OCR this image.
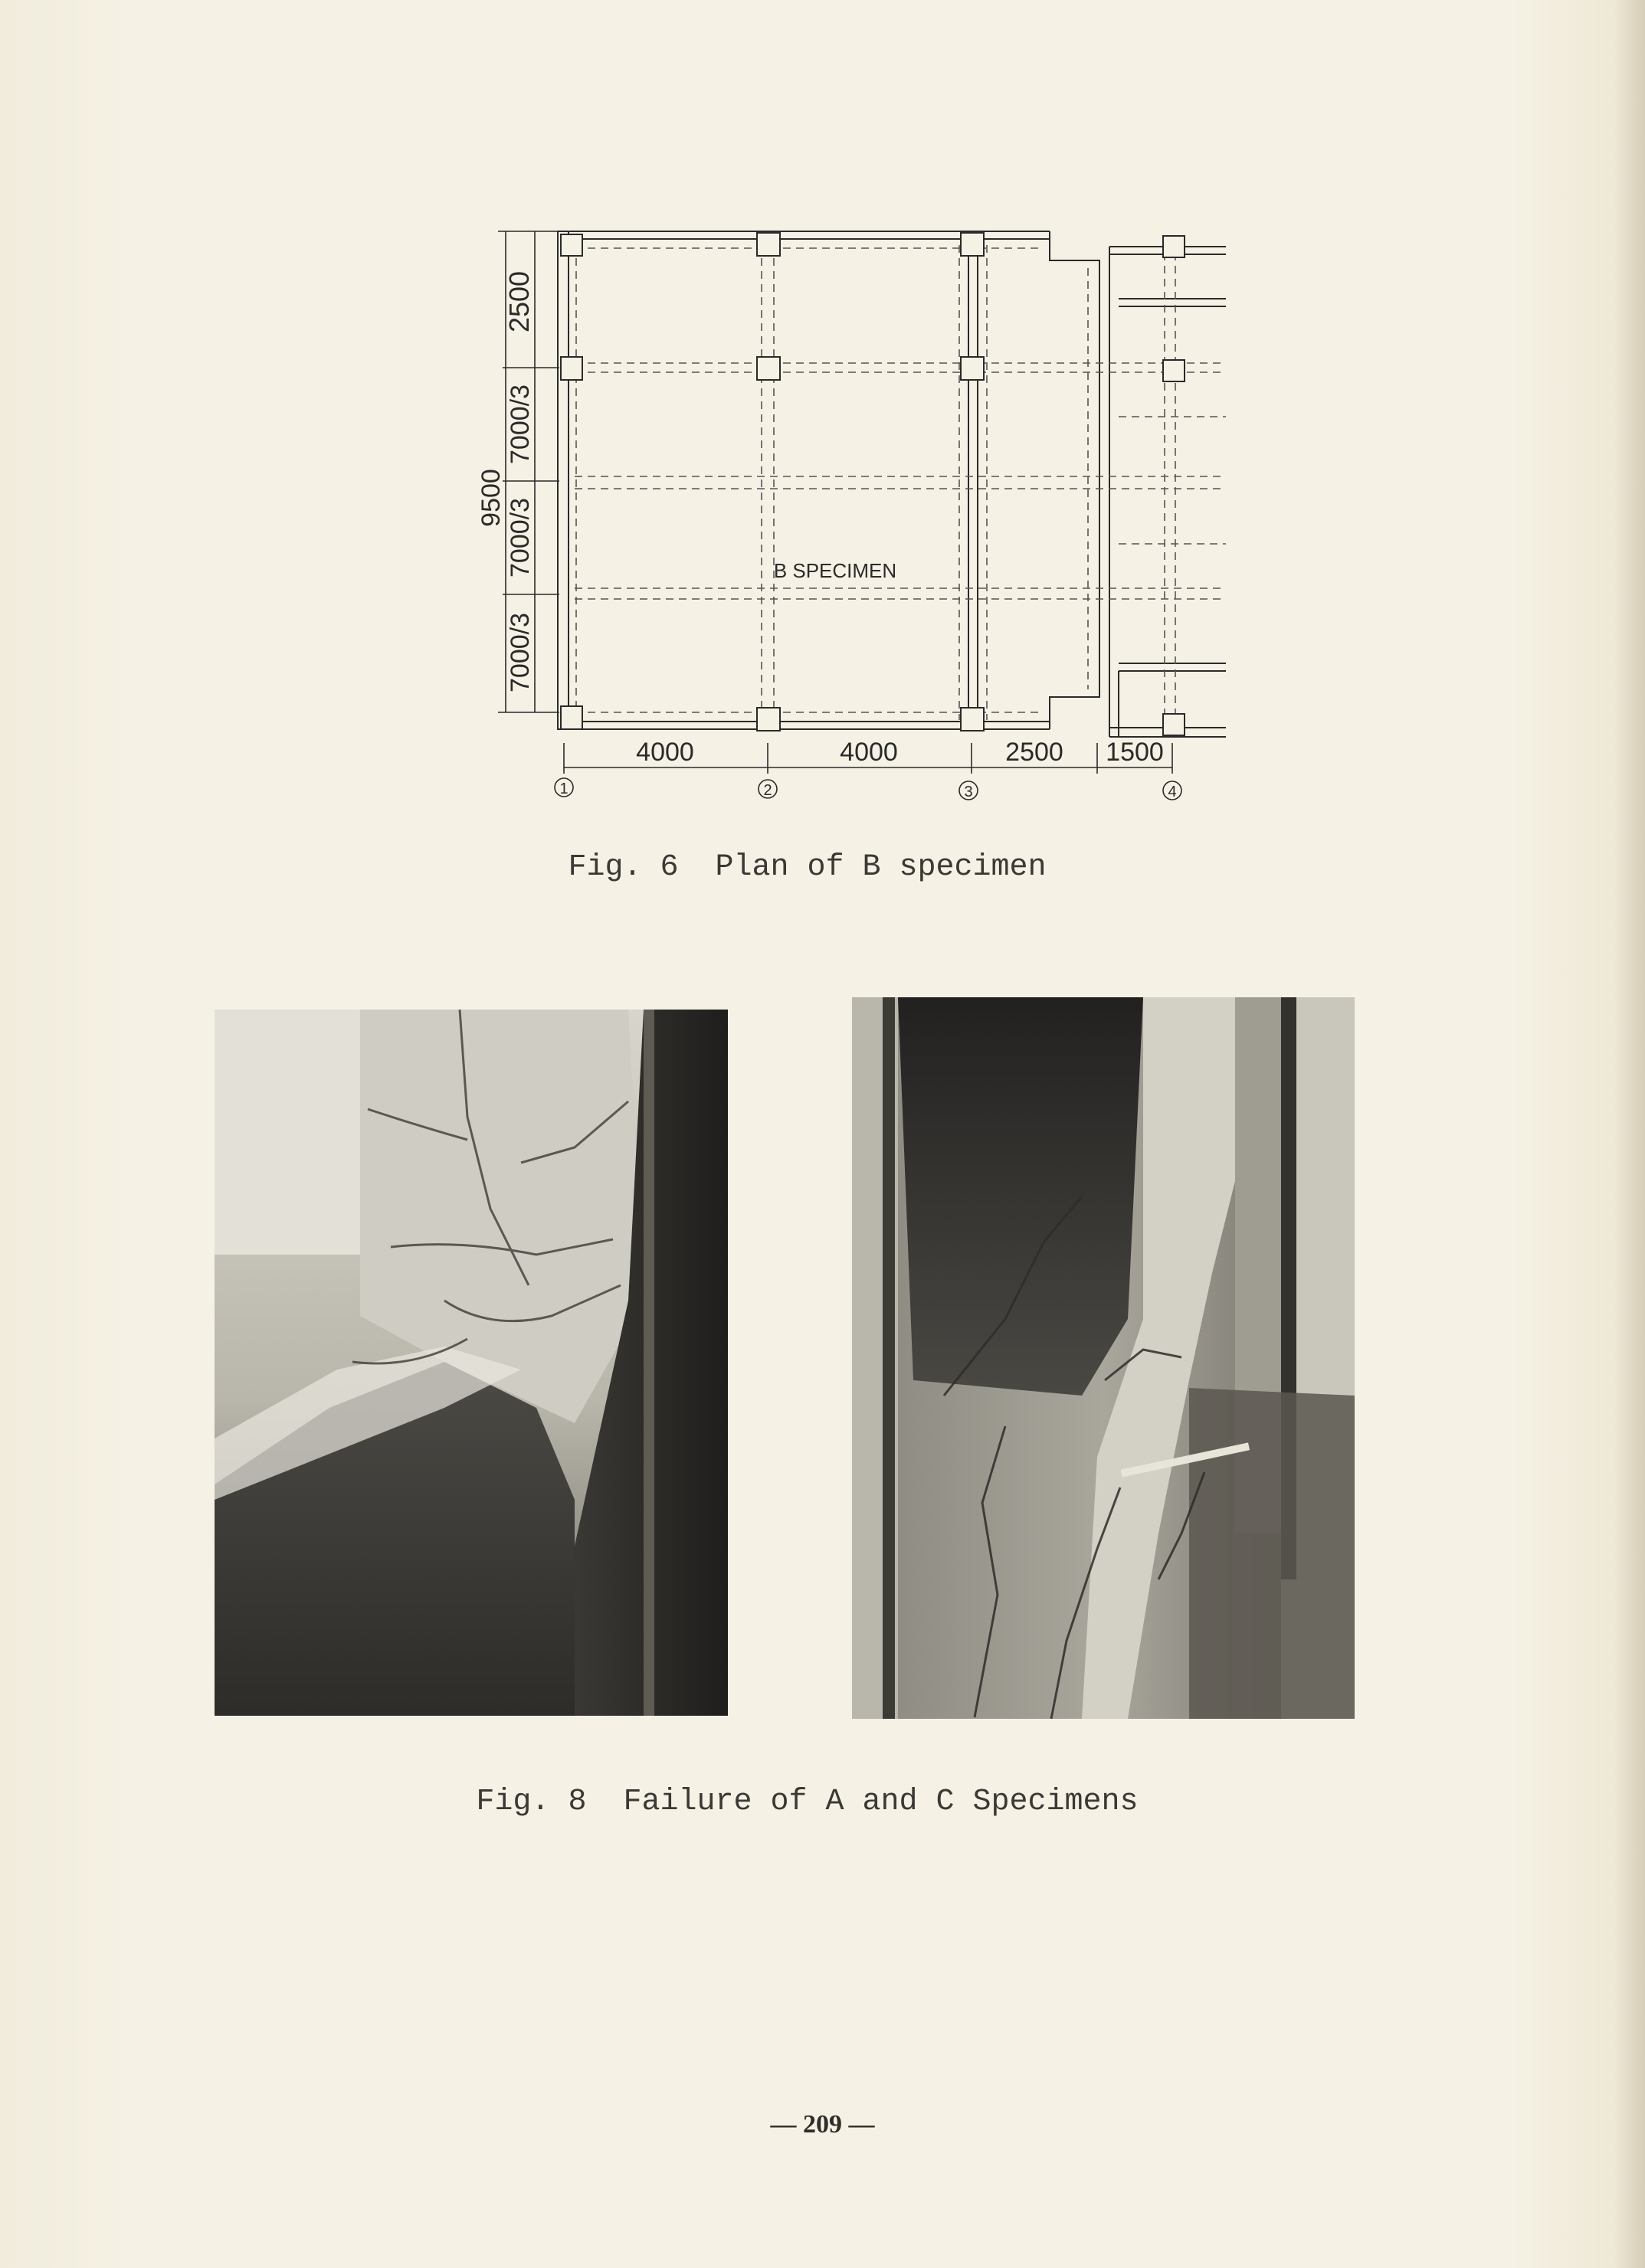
9500
2500
7000/3
7000/3
7000/3
B SPECIMEN
4000	4000	2500 1500
1	2	3	4
Fig. 6  Plan of B specimen
Fig. 8  Failure of A and C Specimens
— 209 —
